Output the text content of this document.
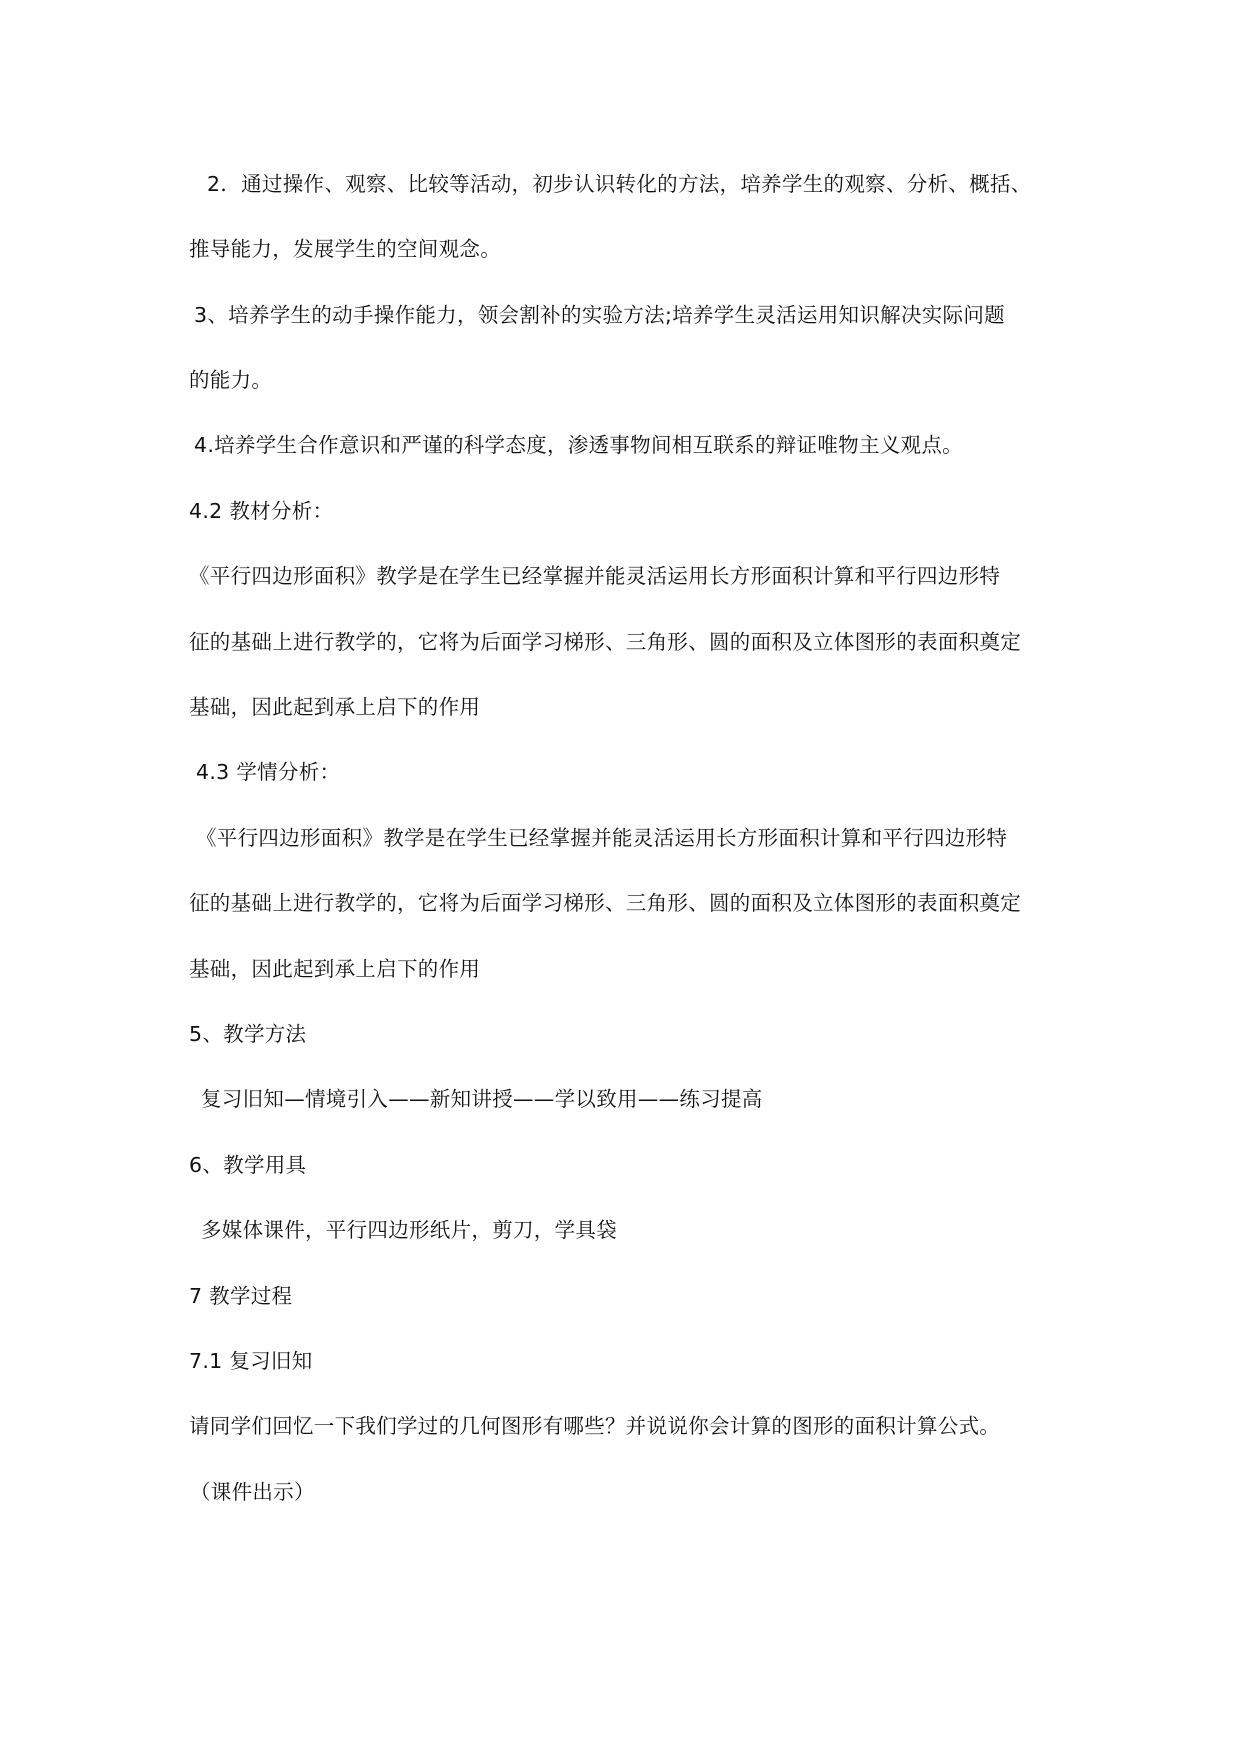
2．通过操作、观察、比较等活动，初步认识转化的方法，培养学生的观察、分析、概括、
推导能力，发展学生的空间观念。
3、培养学生的动手操作能力，领会割补的实验方法;培养学生灵活运用知识解决实际问题
的能力。
4.培养学生合作意识和严谨的科学态度，渗透事物间相互联系的辩证唯物主义观点。
4.2 教材分析：
《平行四边形面积》教学是在学生已经掌握并能灵活运用长方形面积计算和平行四边形特
征的基础上进行教学的，它将为后面学习梯形、三角形、圆的面积及立体图形的表面积奠定
基础，因此起到承上启下的作用
4.3 学情分析：
《平行四边形面积》教学是在学生已经掌握并能灵活运用长方形面积计算和平行四边形特
征的基础上进行教学的，它将为后面学习梯形、三角形、圆的面积及立体图形的表面积奠定
基础，因此起到承上启下的作用
5、教学方法
复习旧知—情境引入——新知讲授——学以致用——练习提高
6、教学用具
多媒体课件，平行四边形纸片，剪刀，学具袋
7 教学过程
7.1 复习旧知
请同学们回忆一下我们学过的几何图形有哪些？并说说你会计算的图形的面积计算公式。
（课件出示）
